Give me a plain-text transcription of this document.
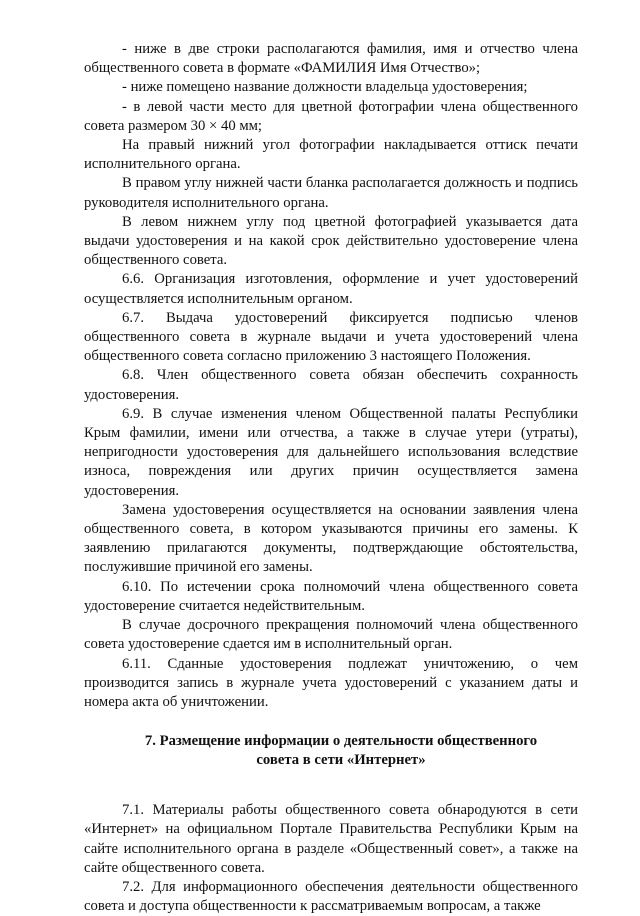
- ниже в две строки располагаются фамилия, имя и отчество члена общественного совета в формате «ФАМИЛИЯ Имя Отчество»;

- ниже помещено название должности владельца удостоверения;

- в левой части место для цветной фотографии члена общественного совета размером 30 × 40 мм;

На правый нижний угол фотографии накладывается оттиск печати исполнительного органа.

В правом углу нижней части бланка располагается должность и подпись руководителя исполнительного органа.

В левом нижнем углу под цветной фотографией указывается дата выдачи удостоверения и на какой срок действительно удостоверение члена общественного совета.

6.6. Организация изготовления, оформление и учет удостоверений осуществляется исполнительным органом.

6.7. Выдача удостоверений фиксируется подписью членов общественного совета в журнале выдачи и учета удостоверений члена общественного совета согласно приложению 3 настоящего Положения.

6.8. Член общественного совета обязан обеспечить сохранность удостоверения.

6.9. В случае изменения членом Общественной палаты Республики Крым фамилии, имени или отчества, а также в случае утери (утраты), непригодности удостоверения для дальнейшего использования вследствие износа, повреждения или других причин осуществляется замена удостоверения.

Замена удостоверения осуществляется на основании заявления члена общественного совета, в котором указываются причины его замены. К заявлению прилагаются документы, подтверждающие обстоятельства, послужившие причиной его замены.

6.10. По истечении срока полномочий члена общественного совета удостоверение считается недействительным.

В случае досрочного прекращения полномочий члена общественного совета удостоверение сдается им в исполнительный орган.

6.11. Сданные удостоверения подлежат уничтожению, о чем производится запись в журнале учета удостоверений с указанием даты и номера акта об уничтожении.

7. Размещение информации о деятельности общественного
совета в сети «Интернет»

7.1. Материалы работы общественного совета обнародуются в сети «Интернет» на официальном Портале Правительства Республики Крым на сайте исполнительного органа в разделе «Общественный совет», а также на сайте общественного совета.

7.2. Для информационного обеспечения деятельности общественного совета и доступа общественности к рассматриваемым вопросам, а также
